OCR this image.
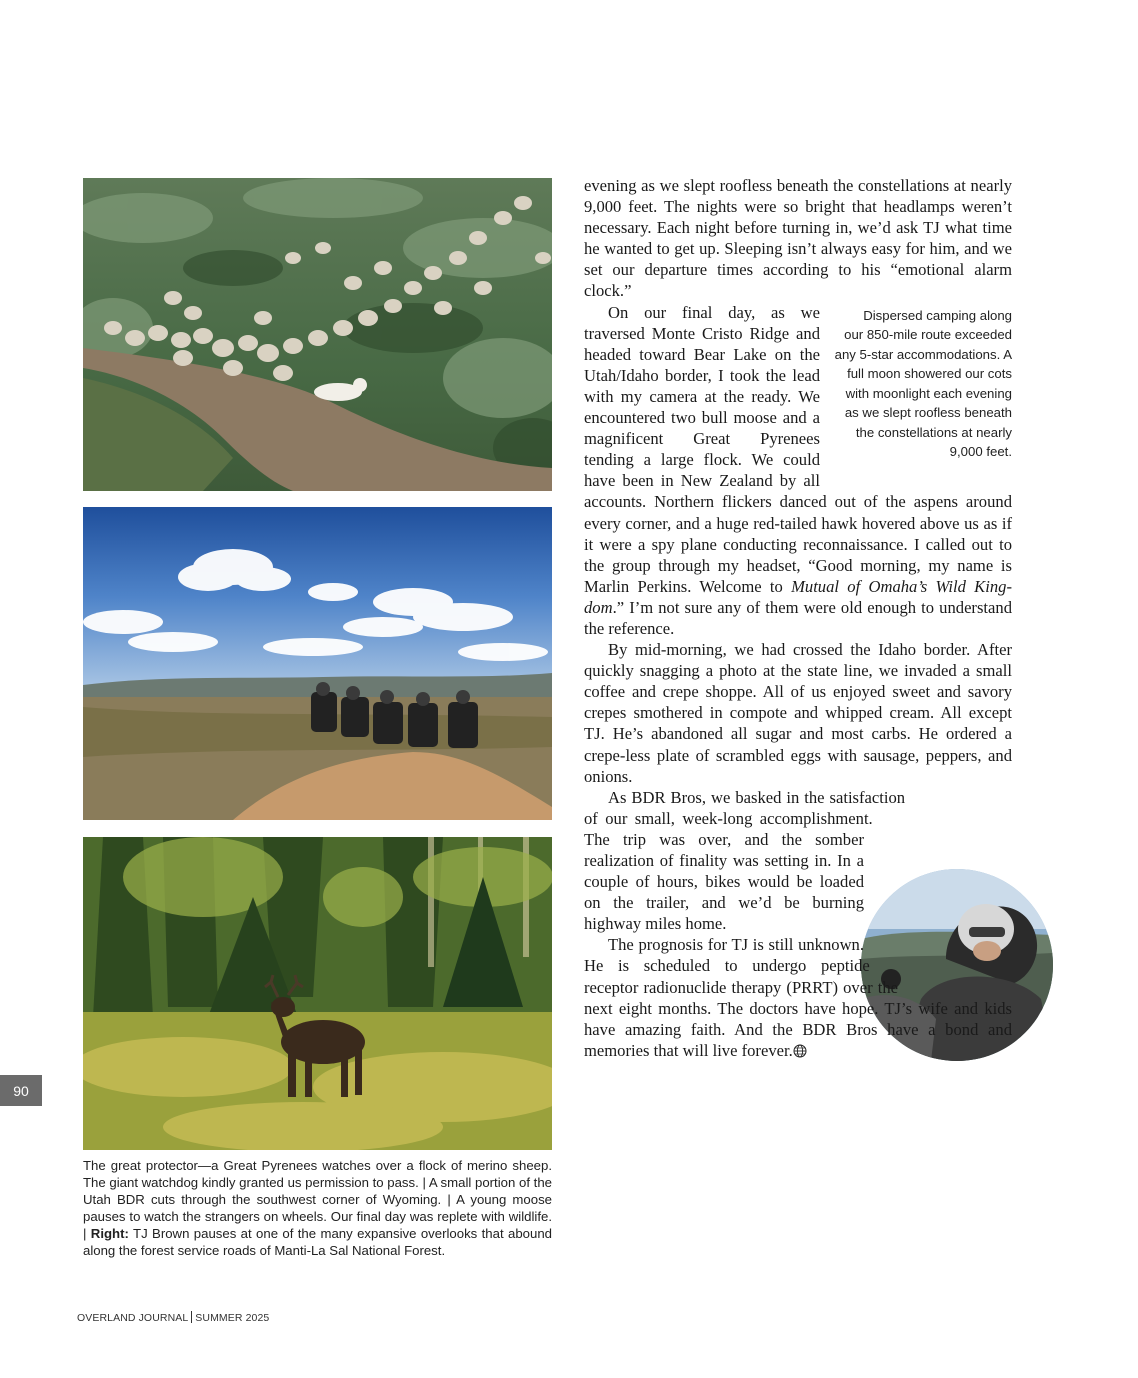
The great protector—a Great Pyrenees watches over a flock of merino sheep. The giant watchdog kindly granted us permission to pass. | A small portion of the Utah BDR cuts through the southwest corner of Wyoming. | A young moose pauses to watch the strangers on wheels. Our final day was replete with wildlife. | Right: TJ Brown pauses at one of the many expansive overlooks that abound along the forest service roads of Manti-La Sal National Forest.

evening as we slept roofless beneath the constellations at nearly 9,000 feet. The nights were so bright that headlamps weren’t necessary. Each night before turning in, we’d ask TJ what time he wanted to get up. Sleeping isn’t always easy for him, and we set our departure times according to his “emotional alarm clock.”

Dispersed camping along our 850-mile route exceeded any 5-star accommodations. A full moon showered our cots with moonlight each evening as we slept roofless beneath the constellations at nearly 9,000 feet.
On our final day, as we traversed Monte Cristo Ridge and headed toward Bear Lake on the Utah/Idaho border, I took the lead with my camera at the ready. We encountered two bull moose and a magnificent Great Pyrenees tending a large flock. We could have been in New Zealand by all accounts. Northern flickers danced out of the aspens around every corner, and a huge red-tailed hawk hovered above us as if it were a spy plane conducting reconnaissance. I called out to the group through my headset, “Good morning, my name is Marlin Perkins. Welcome to Mutual of Omaha’s Wild Kingdom.” I’m not sure any of them were old enough to understand the reference.

By mid-morning, we had crossed the Idaho border. After quickly snagging a photo at the state line, we invaded a small coffee and crepe shoppe. All of us enjoyed sweet and savory crepes smothered in compote and whipped cream. All except TJ. He’s abandoned all sugar and most carbs. He ordered a crepe-less plate of scrambled eggs with sausage, peppers, and onions.

As BDR Bros, we basked in the satisfaction of our small, week-long accomplishment. The trip was over, and the somber realization of finality was setting in. In a couple of hours, bikes would be loaded on the trailer, and we’d be burning highway miles home.

The prognosis for TJ is still unknown. He is scheduled to undergo peptide receptor radionuclide therapy (PRRT) over the next eight months. The doctors have hope. TJ’s wife and kids have amazing faith. And the BDR Bros have a bond and memories that will live forever.

90
OVERLAND JOURNAL SUMMER 2025
